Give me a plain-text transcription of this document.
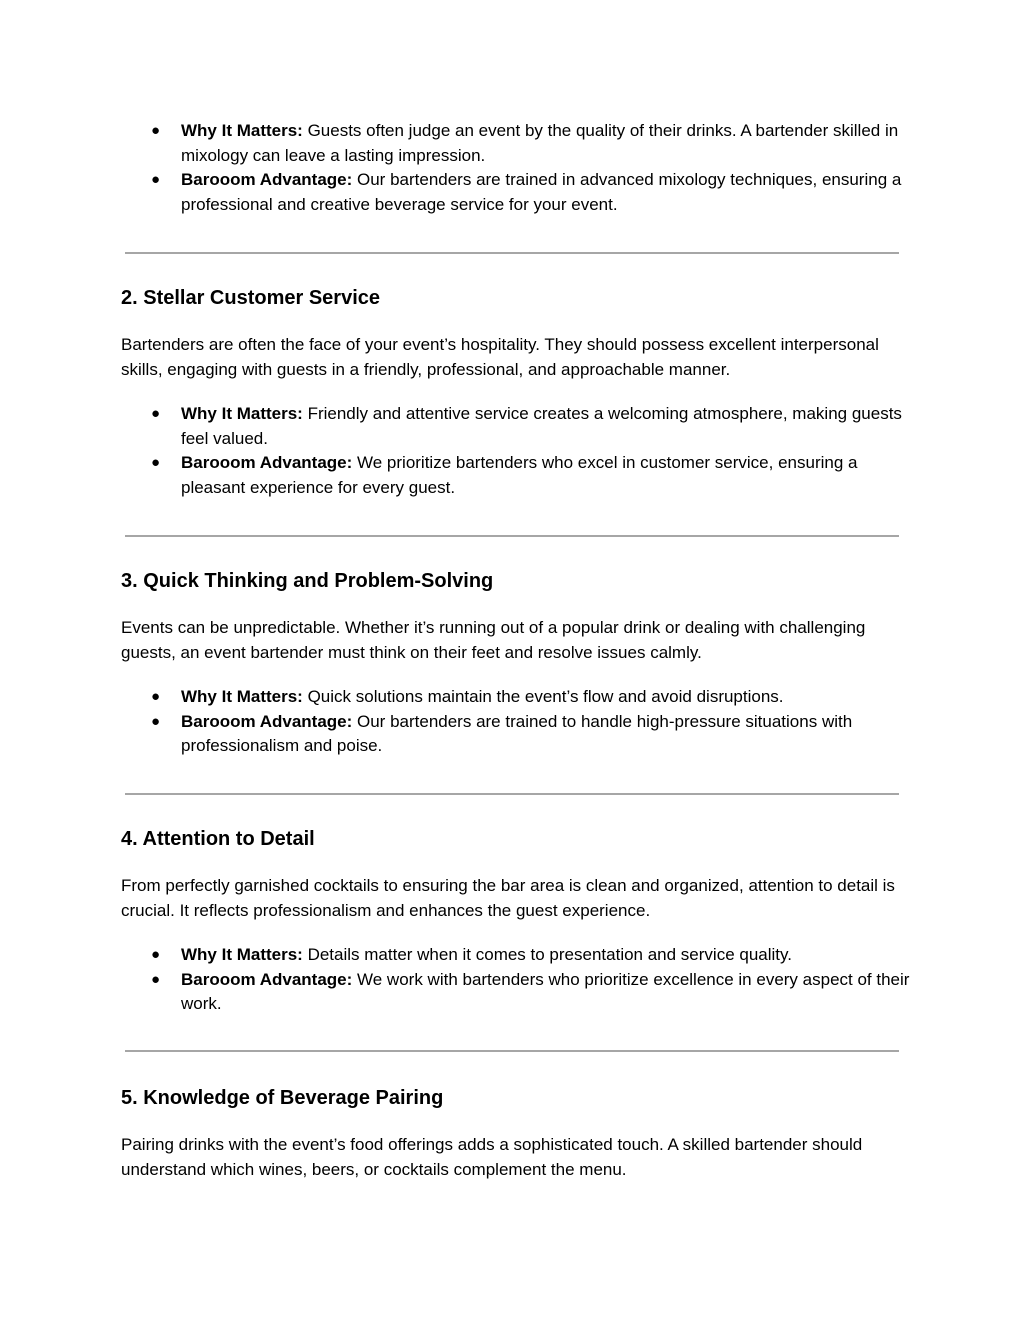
● Why It Matters: Guests often judge an event by the quality of their drinks. A bartender skilled in mixology can leave a lasting impression.
● Barooom Advantage: Our bartenders are trained in advanced mixology techniques, ensuring a professional and creative beverage service for your event.
2. Stellar Customer Service

Bartenders are often the face of your event’s hospitality. They should possess excellent interpersonal skills, engaging with guests in a friendly, professional, and approachable manner.

● Why It Matters: Friendly and attentive service creates a welcoming atmosphere, making guests feel valued.
● Barooom Advantage: We prioritize bartenders who excel in customer service, ensuring a pleasant experience for every guest.
3. Quick Thinking and Problem-Solving

Events can be unpredictable. Whether it’s running out of a popular drink or dealing with challenging guests, an event bartender must think on their feet and resolve issues calmly.

● Why It Matters: Quick solutions maintain the event’s flow and avoid disruptions.
● Barooom Advantage: Our bartenders are trained to handle high-pressure situations with professionalism and poise.
4. Attention to Detail

From perfectly garnished cocktails to ensuring the bar area is clean and organized, attention to detail is crucial. It reflects professionalism and enhances the guest experience.

● Why It Matters: Details matter when it comes to presentation and service quality.
● Barooom Advantage: We work with bartenders who prioritize excellence in every aspect of their work.
5. Knowledge of Beverage Pairing

Pairing drinks with the event’s food offerings adds a sophisticated touch. A skilled bartender should understand which wines, beers, or cocktails complement the menu.
